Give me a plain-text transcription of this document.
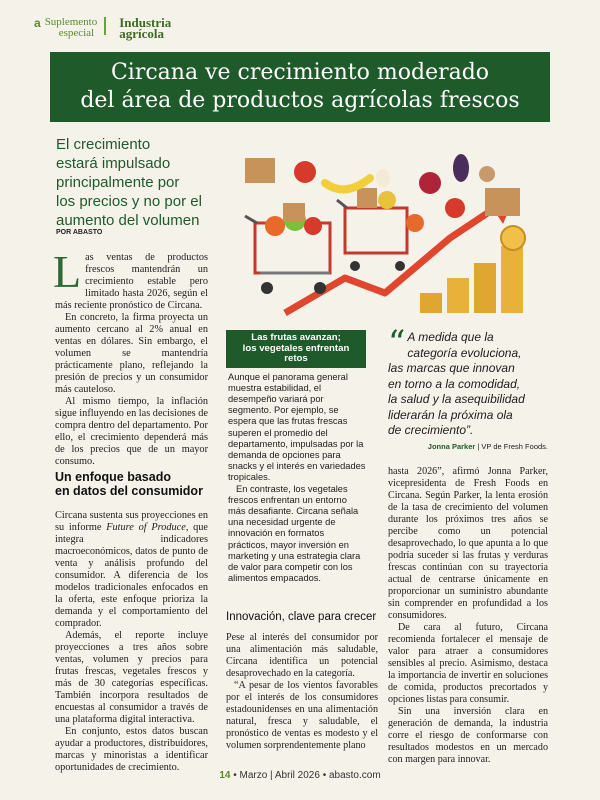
a Suplemento
especial
Industria
agrícola
Circana ve crecimiento moderado
del área de productos agrícolas frescos
El crecimiento
estará impulsado
principalmente por
los precios y no por el
aumento del volumen
POR ABASTO

Las ventas de productos frescos mantendrán un crecimiento estable pero limitado hasta 2026, según el más reciente pronóstico de Circana.

En concreto, la firma proyecta un aumento cercano al 2% anual en ventas en dólares. Sin embargo, el volumen se mantendría prácticamente plano, reflejando la presión de precios y un consumidor más cauteloso.

Al mismo tiempo, la inflación sigue influyendo en las decisiones de compra dentro del departamento. Por ello, el crecimiento dependerá más de los precios que de un mayor consumo.

Un enfoque basado
en datos del consumidor

Circana sustenta sus proyecciones en su informe Future of Produce, que integra indicadores macroeconómicos, datos de punto de venta y análisis profundo del consumidor. A diferencia de los modelos tradicionales enfocados en la oferta, este enfoque prioriza la demanda y el comportamiento del comprador.

Además, el reporte incluye proyecciones a tres años sobre ventas, volumen y precios para frutas frescas, vegetales frescos y más de 30 categorías específicas. También incorpora resultados de encuestas al consumidor a través de una plataforma digital interactiva.

En conjunto, estos datos buscan ayudar a productores, distribuidores, marcas y minoristas a identificar oportunidades de crecimiento.

Las frutas avanzan;
los vegetales enfrentan
retos

Aunque el panorama general muestra estabilidad, el desempeño variará por segmento. Por ejemplo, se espera que las frutas frescas superen el promedio del departamento, impulsadas por la demanda de opciones para snacks y el interés en variedades tropicales.

En contraste, los vegetales frescos enfrentan un entorno más desafiante. Circana señala una necesidad urgente de innovación en formatos prácticos, mayor inversión en marketing y una estrategia clara de valor para competir con los alimentos empacados.

Innovación, clave para crecer

Pese al interés del consumidor por una alimentación más saludable, Circana identifica un potencial desaprovechado en la categoría.

“A pesar de los vientos favorables por el interés de los consumidores estadounidenses en una alimentación natural, fresca y saludable, el pronóstico de ventas es modesto y el volumen sorprendentemente plano

“ A medida que la
categoría evoluciona,
las marcas que innovan
en torno a la comodidad,
la salud y la asequibilidad
liderarán la próxima ola
de crecimiento”.
Jonna Parker | VP de Fresh Foods.

hasta 2026”, afirmó Jonna Parker, vicepresidenta de Fresh Foods en Circana. Según Parker, la lenta erosión de la tasa de crecimiento del volumen durante los próximos tres años se percibe como un potencial desaprovechado, lo que apunta a lo que podría suceder si las frutas y verduras frescas continúan con su trayectoria actual de centrarse únicamente en proporcionar un suministro abundante sin comprender en profundidad a los consumidores.

De cara al futuro, Circana recomienda fortalecer el mensaje de valor para atraer a consumidores sensibles al precio. Asimismo, destaca la importancia de invertir en soluciones de comida, productos precortados y opciones listas para consumir.

Sin una inversión clara en generación de demanda, la industria corre el riesgo de conformarse con resultados modestos en un mercado con margen para innovar.

14 • Marzo | Abril 2026 • abasto.com
